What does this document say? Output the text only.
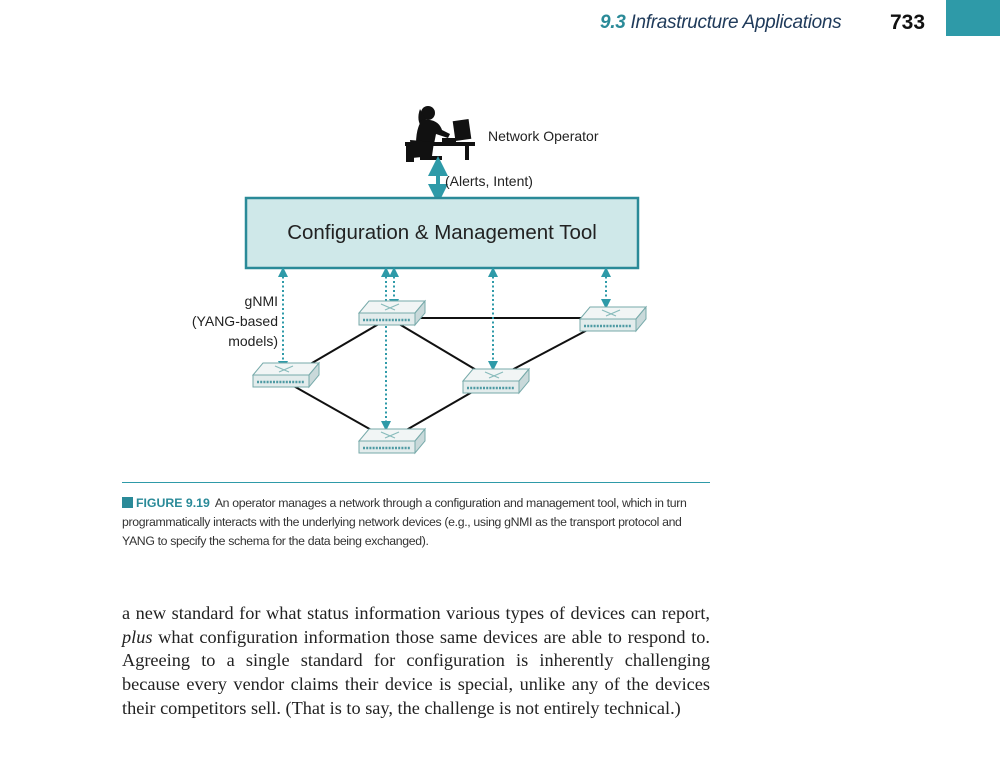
9.3 Infrastructure Applications 733
Network Operator
(Alerts, Intent)
Configuration & Management Tool
gNMI
(YANG-based
models)
FIGURE 9.19 An operator manages a network through a configuration and management tool, which in turn programmatically interacts with the underlying network devices (e.g., using gNMI as the transport protocol and YANG to specify the schema for the data being exchanged).
a new standard for what status information various types of devices can report, plus what configuration information those same devices are able to respond to. Agreeing to a single standard for configuration is inherently challenging because every vendor claims their device is special, unlike any of the devices their competitors sell. (That is to say, the challenge is not entirely technical.)
